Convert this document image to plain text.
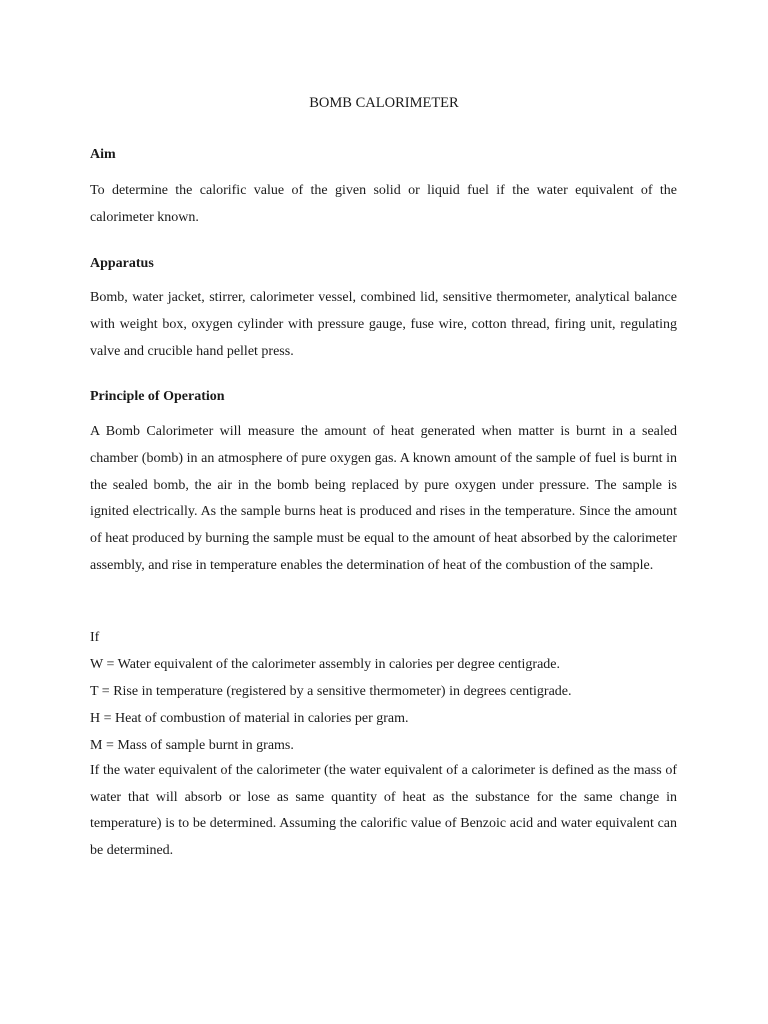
BOMB CALORIMETER
Aim

To determine the calorific value of the given solid or liquid fuel if the water equivalent of the calorimeter known.

Apparatus

Bomb, water jacket, stirrer, calorimeter vessel, combined lid, sensitive thermometer, analytical balance with weight box, oxygen cylinder with pressure gauge, fuse wire, cotton thread, firing unit, regulating valve and crucible hand pellet press.

Principle of Operation

A Bomb Calorimeter will measure the amount of heat generated when matter is burnt in a sealed chamber (bomb) in an atmosphere of pure oxygen gas. A known amount of the sample of fuel is burnt in the sealed bomb, the air in the bomb being replaced by pure oxygen under pressure. The sample is ignited electrically. As the sample burns heat is produced and rises in the temperature. Since the amount of heat produced by burning the sample must be equal to the amount of heat absorbed by the calorimeter assembly, and rise in temperature enables the determination of heat of the combustion of the sample.

If
W = Water equivalent of the calorimeter assembly in calories per degree centigrade.
T = Rise in temperature (registered by a sensitive thermometer) in degrees centigrade.
H = Heat of combustion of material in calories per gram.
M = Mass of sample burnt in grams.

If the water equivalent of the calorimeter (the water equivalent of a calorimeter is defined as the mass of water that will absorb or lose as same quantity of heat as the substance for the same change in temperature) is to be determined. Assuming the calorific value of Benzoic acid and water equivalent can be determined.
